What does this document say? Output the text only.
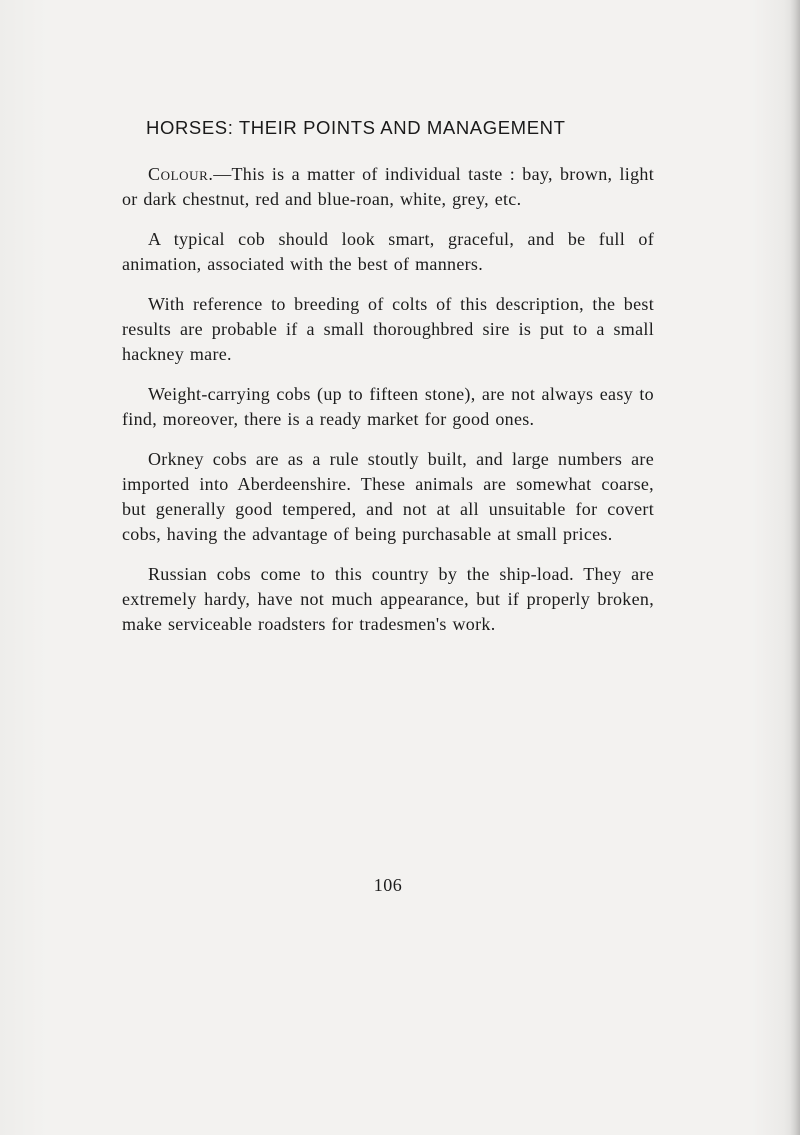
HORSES: THEIR POINTS AND MANAGEMENT

Colour.—This is a matter of individual taste : bay, brown, light or dark chestnut, red and blue-roan, white, grey, etc.

A typical cob should look smart, graceful, and be full of animation, associated with the best of manners.

With reference to breeding of colts of this description, the best results are probable if a small thoroughbred sire is put to a small hackney mare.

Weight-carrying cobs (up to fifteen stone), are not always easy to find, moreover, there is a ready market for good ones.

Orkney cobs are as a rule stoutly built, and large numbers are imported into Aberdeenshire. These animals are somewhat coarse, but generally good tempered, and not at all unsuitable for covert cobs, having the advantage of being purchasable at small prices.

Russian cobs come to this country by the ship-load. They are extremely hardy, have not much appearance, but if properly broken, make serviceable roadsters for tradesmen's work.

106
